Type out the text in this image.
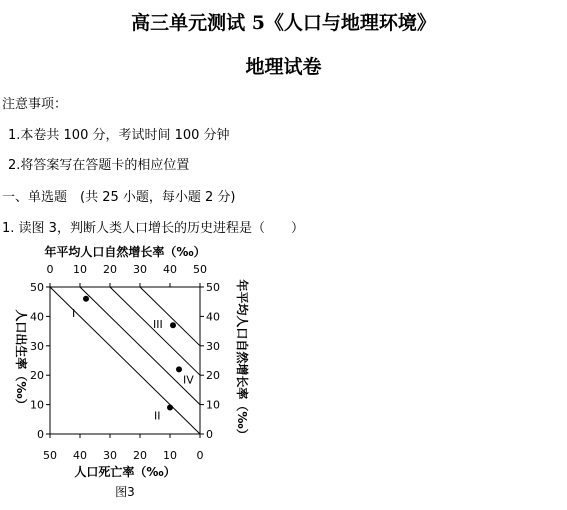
高三单元测试 5《人口与地理环境》
地理试卷
注意事项：
1.本卷共 100 分，考试时间 100 分钟
2.将答案写在答题卡的相应位置
一、单选题　(共 25 小题，每小题 2 分)
1. 读图 3，判断人类人口增长的历史进程是（　　）
年平均人口自然增长率（‰）
0 10 20 30 40 50
50 40 30 20 10 0
50
40
30
20
10
0
50
40
30
20
10
0
I
III
IV
II
人口出生率（‰）	年平均人口自然增长率（‰）
人口死亡率（‰）
图3
